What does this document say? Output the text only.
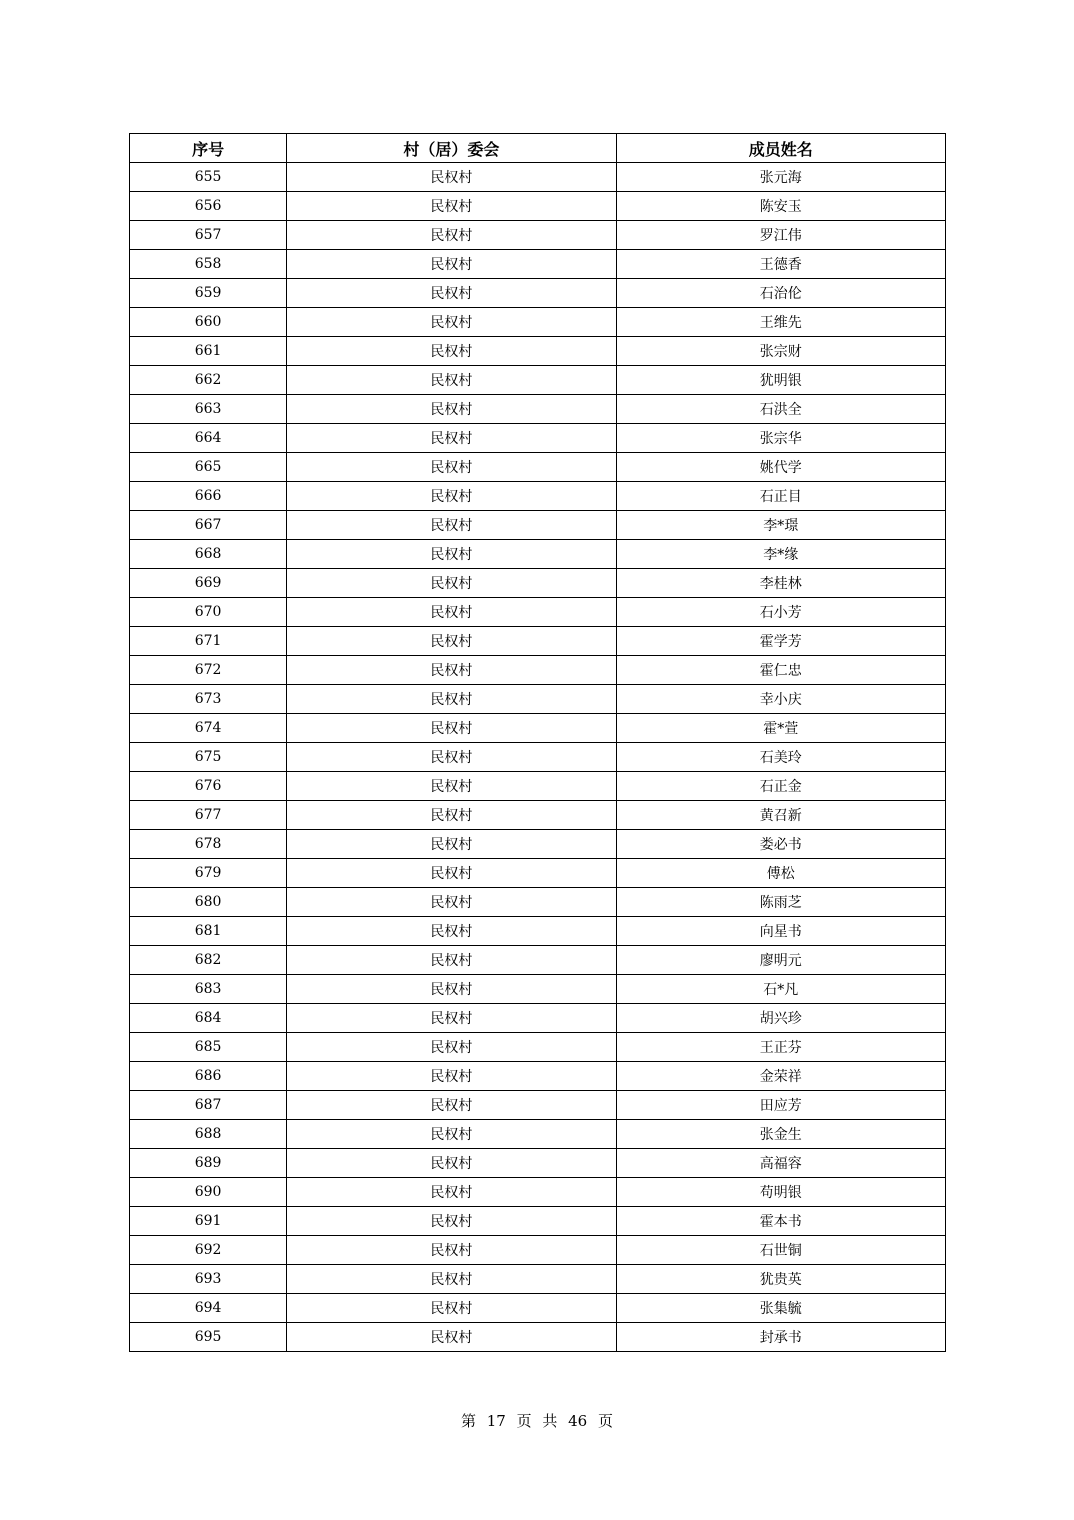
序号	村（居）委会	成员姓名
655	民权村	张元海
656	民权村	陈安玉
657	民权村	罗江伟
658	民权村	王德香
659	民权村	石治伦
660	民权村	王维先
661	民权村	张宗财
662	民权村	犹明银
663	民权村	石洪全
664	民权村	张宗华
665	民权村	姚代学
666	民权村	石正目
667	民权村	李*璟
668	民权村	李*缘
669	民权村	李桂林
670	民权村	石小芳
671	民权村	霍学芳
672	民权村	霍仁忠
673	民权村	幸小庆
674	民权村	霍*萱
675	民权村	石美玲
676	民权村	石正金
677	民权村	黄召新
678	民权村	娄必书
679	民权村	傅松
680	民权村	陈雨芝
681	民权村	向星书
682	民权村	廖明元
683	民权村	石*凡
684	民权村	胡兴珍
685	民权村	王正芬
686	民权村	金荣祥
687	民权村	田应芳
688	民权村	张金生
689	民权村	高福容
690	民权村	苟明银
691	民权村	霍本书
692	民权村	石世铜
693	民权村	犹贵英
694	民权村	张集毓
695	民权村	封承书
第 17 页 共 46 页
